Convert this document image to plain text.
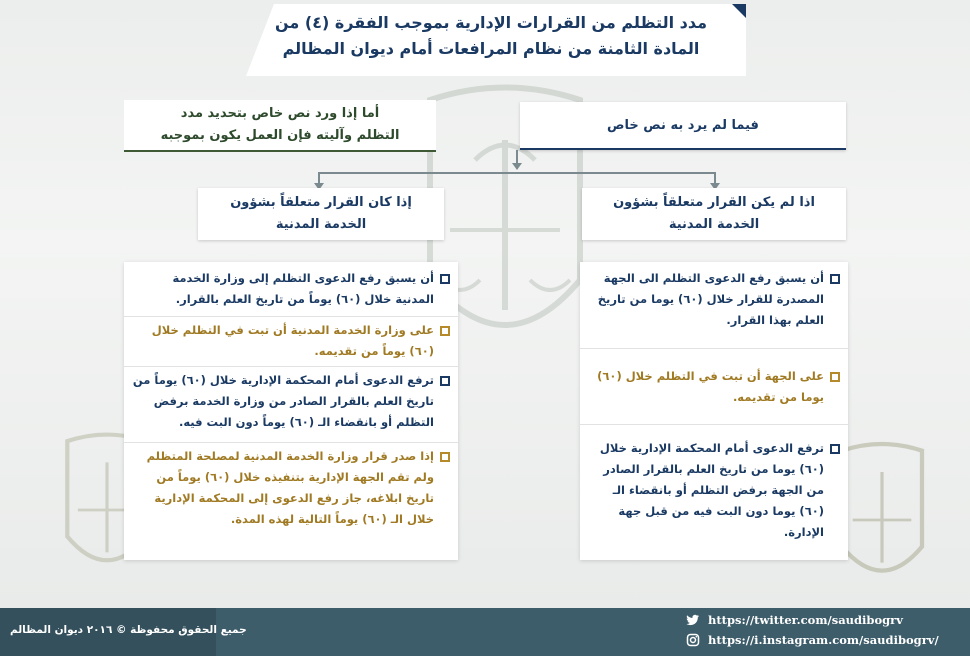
مدد التظلم من القرارات الإدارية بموجب الفقرة (٤) من
المادة الثامنة من نظام المرافعات أمام ديوان المظالم
فيما لم يرد به نص خاص
أما إذا ورد نص خاص بتحديد مدد
التظلم وآليته فإن العمل يكون بموجبه
اذا لم يكن القرار متعلقاً بشؤون
الخدمة المدنية
إذا كان القرار متعلقاً بشؤون
الخدمة المدنية
أن يسبق رفع الدعوى التظلم الى الجهة المصدرة للقرار خلال (٦٠) يوما من تاريخ العلم بهذا القرار.
على الجهة أن تبت في التظلم خلال (٦٠) يوما من تقديمه.
ترفع الدعوى أمام المحكمة الإدارية خلال (٦٠) يوما من تاريخ العلم بالقرار الصادر من الجهة برفض التظلم أو بانقضاء الـ (٦٠) يوما دون البت فيه من قبل جهة الإدارة.
أن يسبق رفع الدعوى التظلم إلى وزارة الخدمة المدنية خلال (٦٠) يوماً من تاريخ العلم بالقرار.
على وزارة الخدمة المدنية أن تبت في التظلم خلال (٦٠) يوماً من تقديمه.
ترفع الدعوى أمام المحكمة الإدارية خلال (٦٠) يوماً من تاريخ العلم بالقرار الصادر من وزارة الخدمة برفض التظلم أو بانقضاء الـ (٦٠) يوماً دون البت فيه.
إذا صدر قرار وزارة الخدمة المدنية لمصلحة المتظلم ولم تقم الجهة الإدارية بتنفيذه خلال (٦٠) يوماً من تاريخ ابلاغه، جاز رفع الدعوى إلى المحكمة الإدارية خلال الـ (٦٠) يوماً التالية لهذه المدة.
جميع الحقوق محفوظة © ٢٠١٦ ديوان المظالم
https://twitter.com/saudibogrv
https://i.instagram.com/saudibogrv/
